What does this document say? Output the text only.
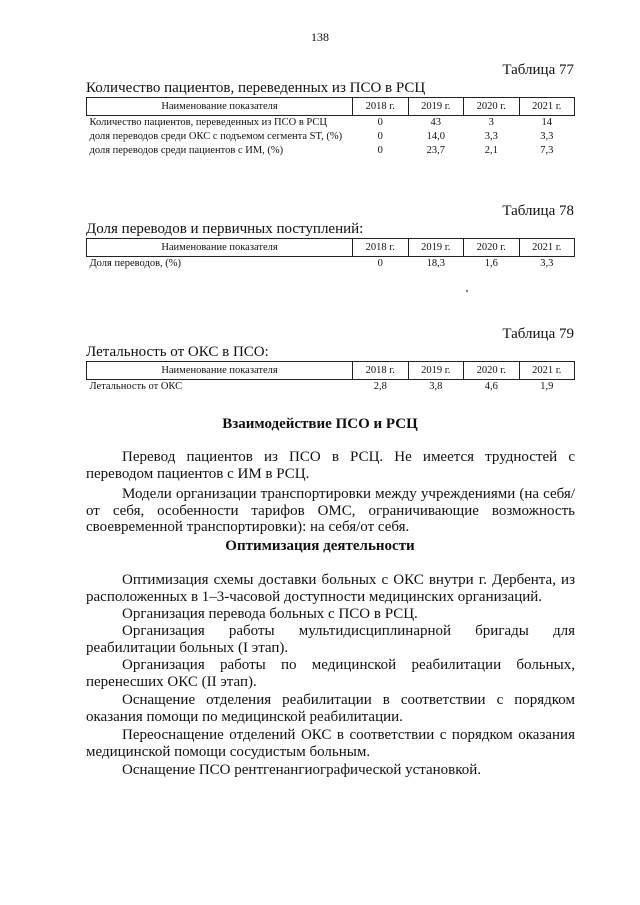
138
Таблица 77
Количество пациентов, переведенных из ПСО в РСЦ
Наименование показателя	2018 г.	2019 г.	2020 г.	2021 г.
Количество пациентов, переведенных из ПСО в РСЦ	0	43	3	14
доля переводов среди ОКС с подъемом сегмента ST, (%)	0	14,0	3,3	3,3
доля переводов среди пациентов с ИМ, (%)	0	23,7	2,1	7,3
Таблица 78
Доля переводов и первичных поступлений:
Наименование показателя	2018 г.	2019 г.	2020 г.	2021 г.
Доля переводов, (%)	0	18,3	1,6	3,3
Таблица 79
Летальность от ОКС в ПСО:
Наименование показателя	2018 г.	2019 г.	2020 г.	2021 г.
Летальность от ОКС	2,8	3,8	4,6	1,9
Взаимодействие ПСО и РСЦ
Перевод пациентов из ПСО в РСЦ. Не имеется трудностей с переводом пациентов с ИМ в РСЦ.
Модели организации транспортировки между учреждениями (на себя/от себя, особенности тарифов ОМС, ограничивающие возможность своевременной транспортировки): на себя/от себя.
Оптимизация деятельности
Оптимизация схемы доставки больных с ОКС внутри г. Дербента, из расположенных в 1–3-часовой доступности медицинских организаций.
Организация перевода больных с ПСО в РСЦ.
Организация работы мультидисциплинарной бригады для реабилитации больных (I этап).
Организация работы по медицинской реабилитации больных, перенесших ОКС (II этап).
Оснащение отделения реабилитации в соответствии с порядком оказания помощи по медицинской реабилитации.
Переоснащение отделений ОКС в соответствии с порядком оказания медицинской помощи сосудистым больным.
Оснащение ПСО рентгенангиографической установкой.
